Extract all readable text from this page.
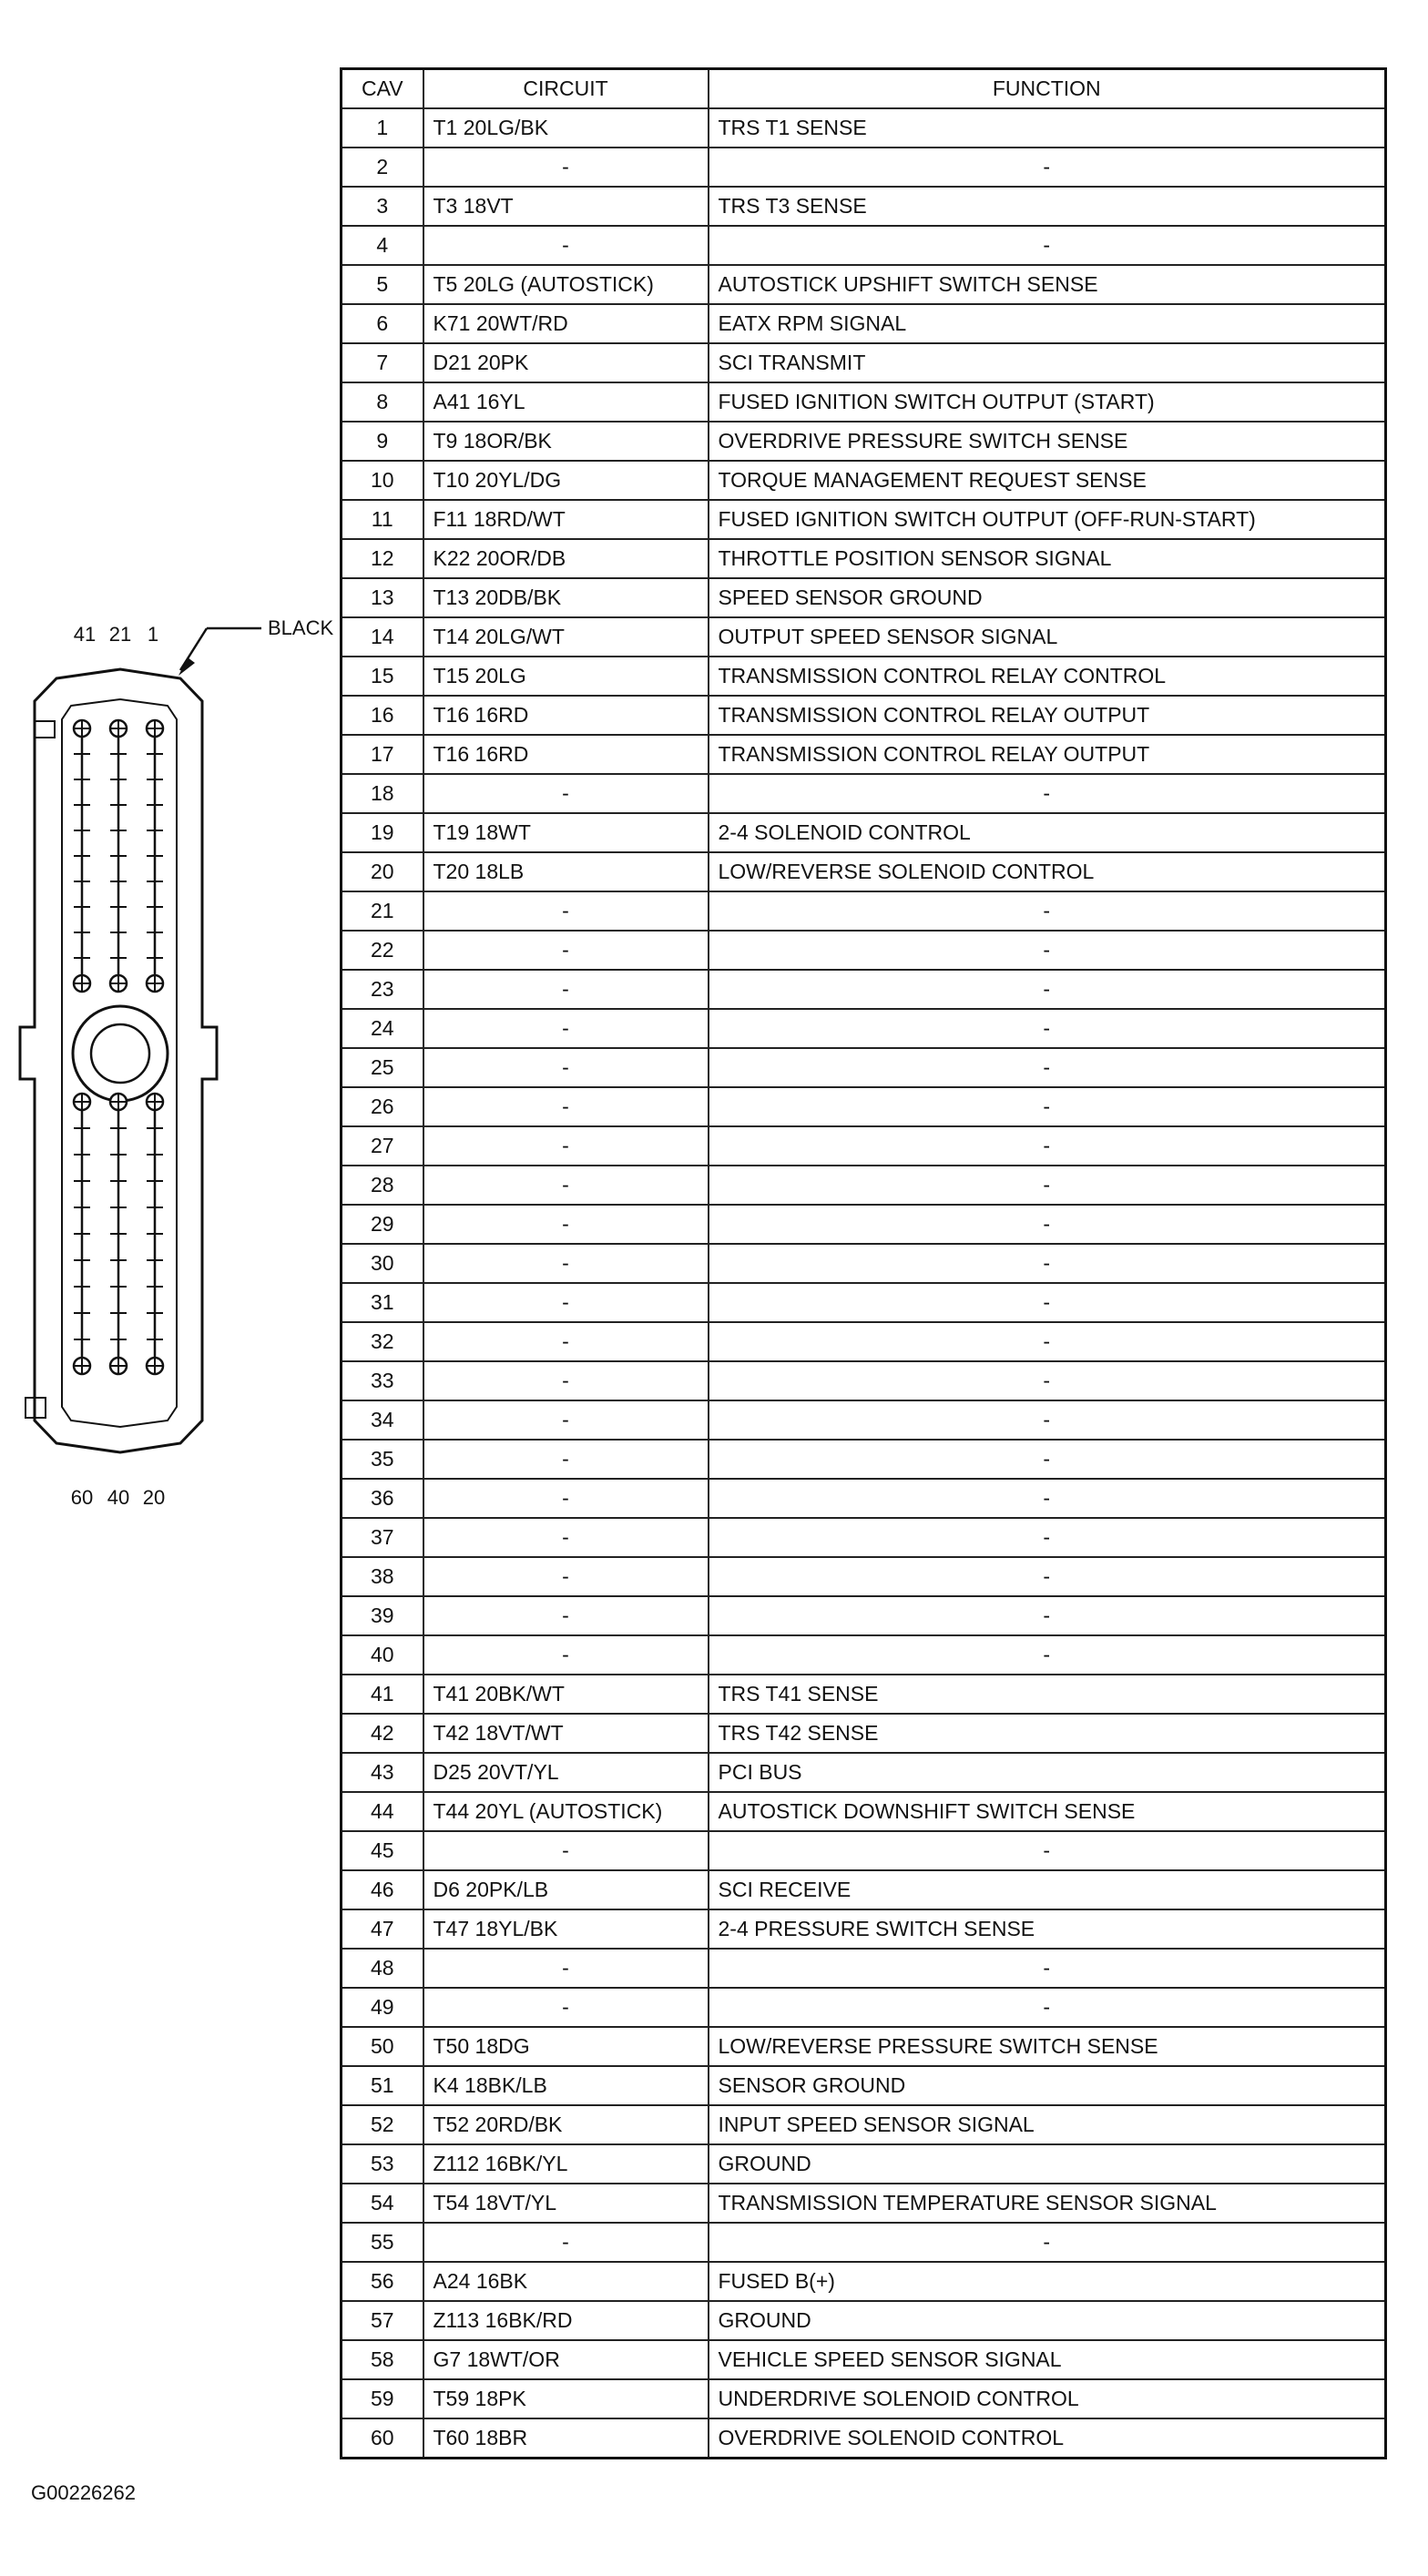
41 21 1	BLACK
60 40 20
CAV	CIRCUIT	FUNCTION
1	T1 20LG/BK	TRS T1 SENSE
2	-	-
3	T3 18VT	TRS T3 SENSE
4	-	-
5	T5 20LG (AUTOSTICK)	AUTOSTICK UPSHIFT SWITCH SENSE
6	K71 20WT/RD	EATX RPM SIGNAL
7	D21 20PK	SCI TRANSMIT
8	A41 16YL	FUSED IGNITION SWITCH OUTPUT (START)
9	T9 18OR/BK	OVERDRIVE PRESSURE SWITCH SENSE
10	T10 20YL/DG	TORQUE MANAGEMENT REQUEST SENSE
11	F11 18RD/WT	FUSED IGNITION SWITCH OUTPUT (OFF-RUN-START)
12	K22 20OR/DB	THROTTLE POSITION SENSOR SIGNAL
13	T13 20DB/BK	SPEED SENSOR GROUND
14	T14 20LG/WT	OUTPUT SPEED SENSOR SIGNAL
15	T15 20LG	TRANSMISSION CONTROL RELAY CONTROL
16	T16 16RD	TRANSMISSION CONTROL RELAY OUTPUT
17	T16 16RD	TRANSMISSION CONTROL RELAY OUTPUT
18	-	-
19	T19 18WT	2-4 SOLENOID CONTROL
20	T20 18LB	LOW/REVERSE SOLENOID CONTROL
21	-	-
22	-	-
23	-	-
24	-	-
25	-	-
26	-	-
27	-	-
28	-	-
29	-	-
30	-	-
31	-	-
32	-	-
33	-	-
34	-	-
35	-	-
36	-	-
37	-	-
38	-	-
39	-	-
40	-	-
41	T41 20BK/WT	TRS T41 SENSE
42	T42 18VT/WT	TRS T42 SENSE
43	D25 20VT/YL	PCI BUS
44	T44 20YL (AUTOSTICK)	AUTOSTICK DOWNSHIFT SWITCH SENSE
45	-	-
46	D6 20PK/LB	SCI RECEIVE
47	T47 18YL/BK	2-4 PRESSURE SWITCH SENSE
48	-	-
49	-	-
50	T50 18DG	LOW/REVERSE PRESSURE SWITCH SENSE
51	K4 18BK/LB	SENSOR GROUND
52	T52 20RD/BK	INPUT SPEED SENSOR SIGNAL
53	Z112 16BK/YL	GROUND
54	T54 18VT/YL	TRANSMISSION TEMPERATURE SENSOR SIGNAL
55	-	-
56	A24 16BK	FUSED B(+)
57	Z113 16BK/RD	GROUND
58	G7 18WT/OR	VEHICLE SPEED SENSOR SIGNAL
59	T59 18PK	UNDERDRIVE SOLENOID CONTROL
60	T60 18BR	OVERDRIVE SOLENOID CONTROL
G00226262
